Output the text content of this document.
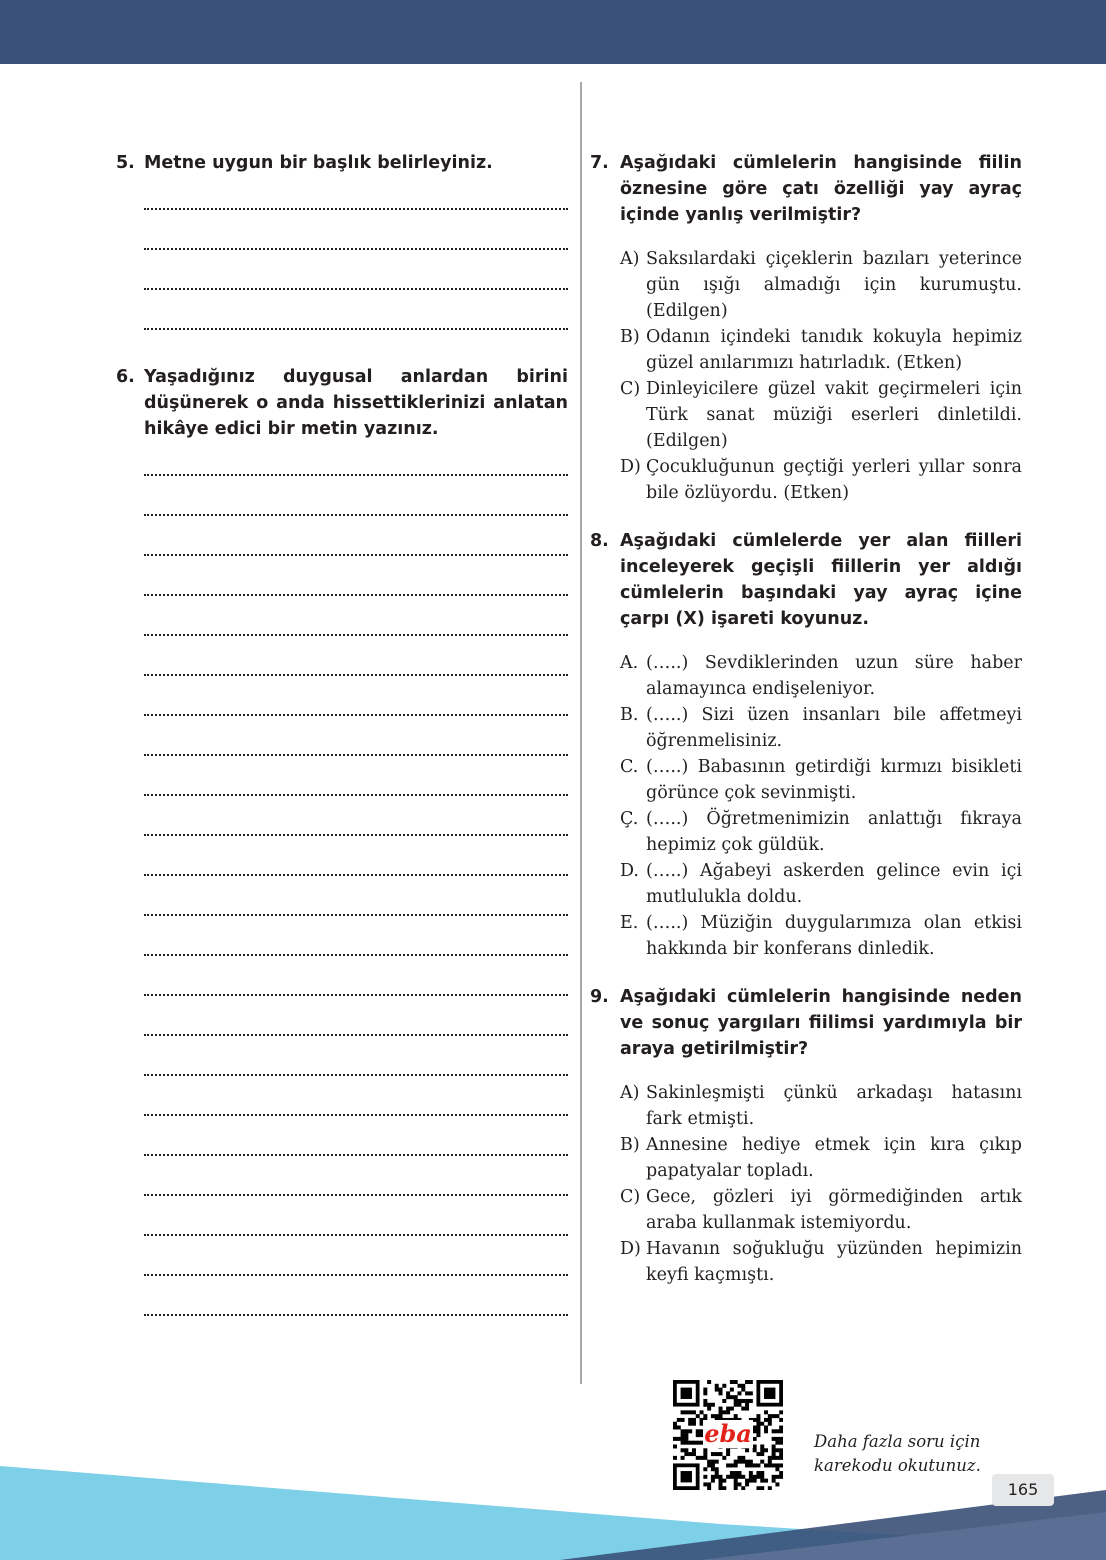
5. Metne uygun bir başlık belirleyiniz.
6. Yaşadığınız duygusal anlardan birini düşünerek o anda hissettiklerinizi anlatan hikâye edici bir metin yazınız.
7. Aşağıdaki cümlelerin hangisinde fiilin öznesine göre çatı özelliği yay ayraç içinde yanlış verilmiştir?
A) Saksılardaki çiçeklerin bazıları yeterince gün ışığı almadığı için kurumuştu. (Edilgen)
B) Odanın içindeki tanıdık kokuyla hepimiz güzel anılarımızı hatırladık. (Etken)
C) Dinleyicilere güzel vakit geçirmeleri için Türk sanat müziği eserleri dinletildi. (Edilgen)
D) Çocukluğunun geçtiği yerleri yıllar sonra bile özlüyordu. (Etken)
8. Aşağıdaki cümlelerde yer alan fiilleri inceleyerek geçişli fiillerin yer aldığı cümlelerin başındaki yay ayraç içine çarpı (X) işareti koyunuz.
A. (…..) Sevdiklerinden uzun süre haber alamayınca endişeleniyor.
B. (…..) Sizi üzen insanları bile affetmeyi öğrenmelisiniz.
C. (…..) Babasının getirdiği kırmızı bisikleti görünce çok sevinmişti.
Ç. (…..) Öğretmenimizin anlattığı fıkraya hepimiz çok güldük.
D. (…..) Ağabeyi askerden gelince evin içi mutlulukla doldu.
E. (…..) Müziğin duygularımıza olan etkisi hakkında bir konferans dinledik.
9. Aşağıdaki cümlelerin hangisinde neden ve sonuç yargıları fiilimsi yardımıyla bir araya getirilmiştir?
A) Sakinleşmişti çünkü arkadaşı hatasını fark etmişti.
B) Annesine hediye etmek için kıra çıkıp papatyalar topladı.
C) Gece, gözleri iyi görmediğinden artık araba kullanmak istemiyordu.
D) Havanın soğukluğu yüzünden hepimizin keyfi kaçmıştı.
eba	Daha fazla soru için
karekodu okutunuz.
165
